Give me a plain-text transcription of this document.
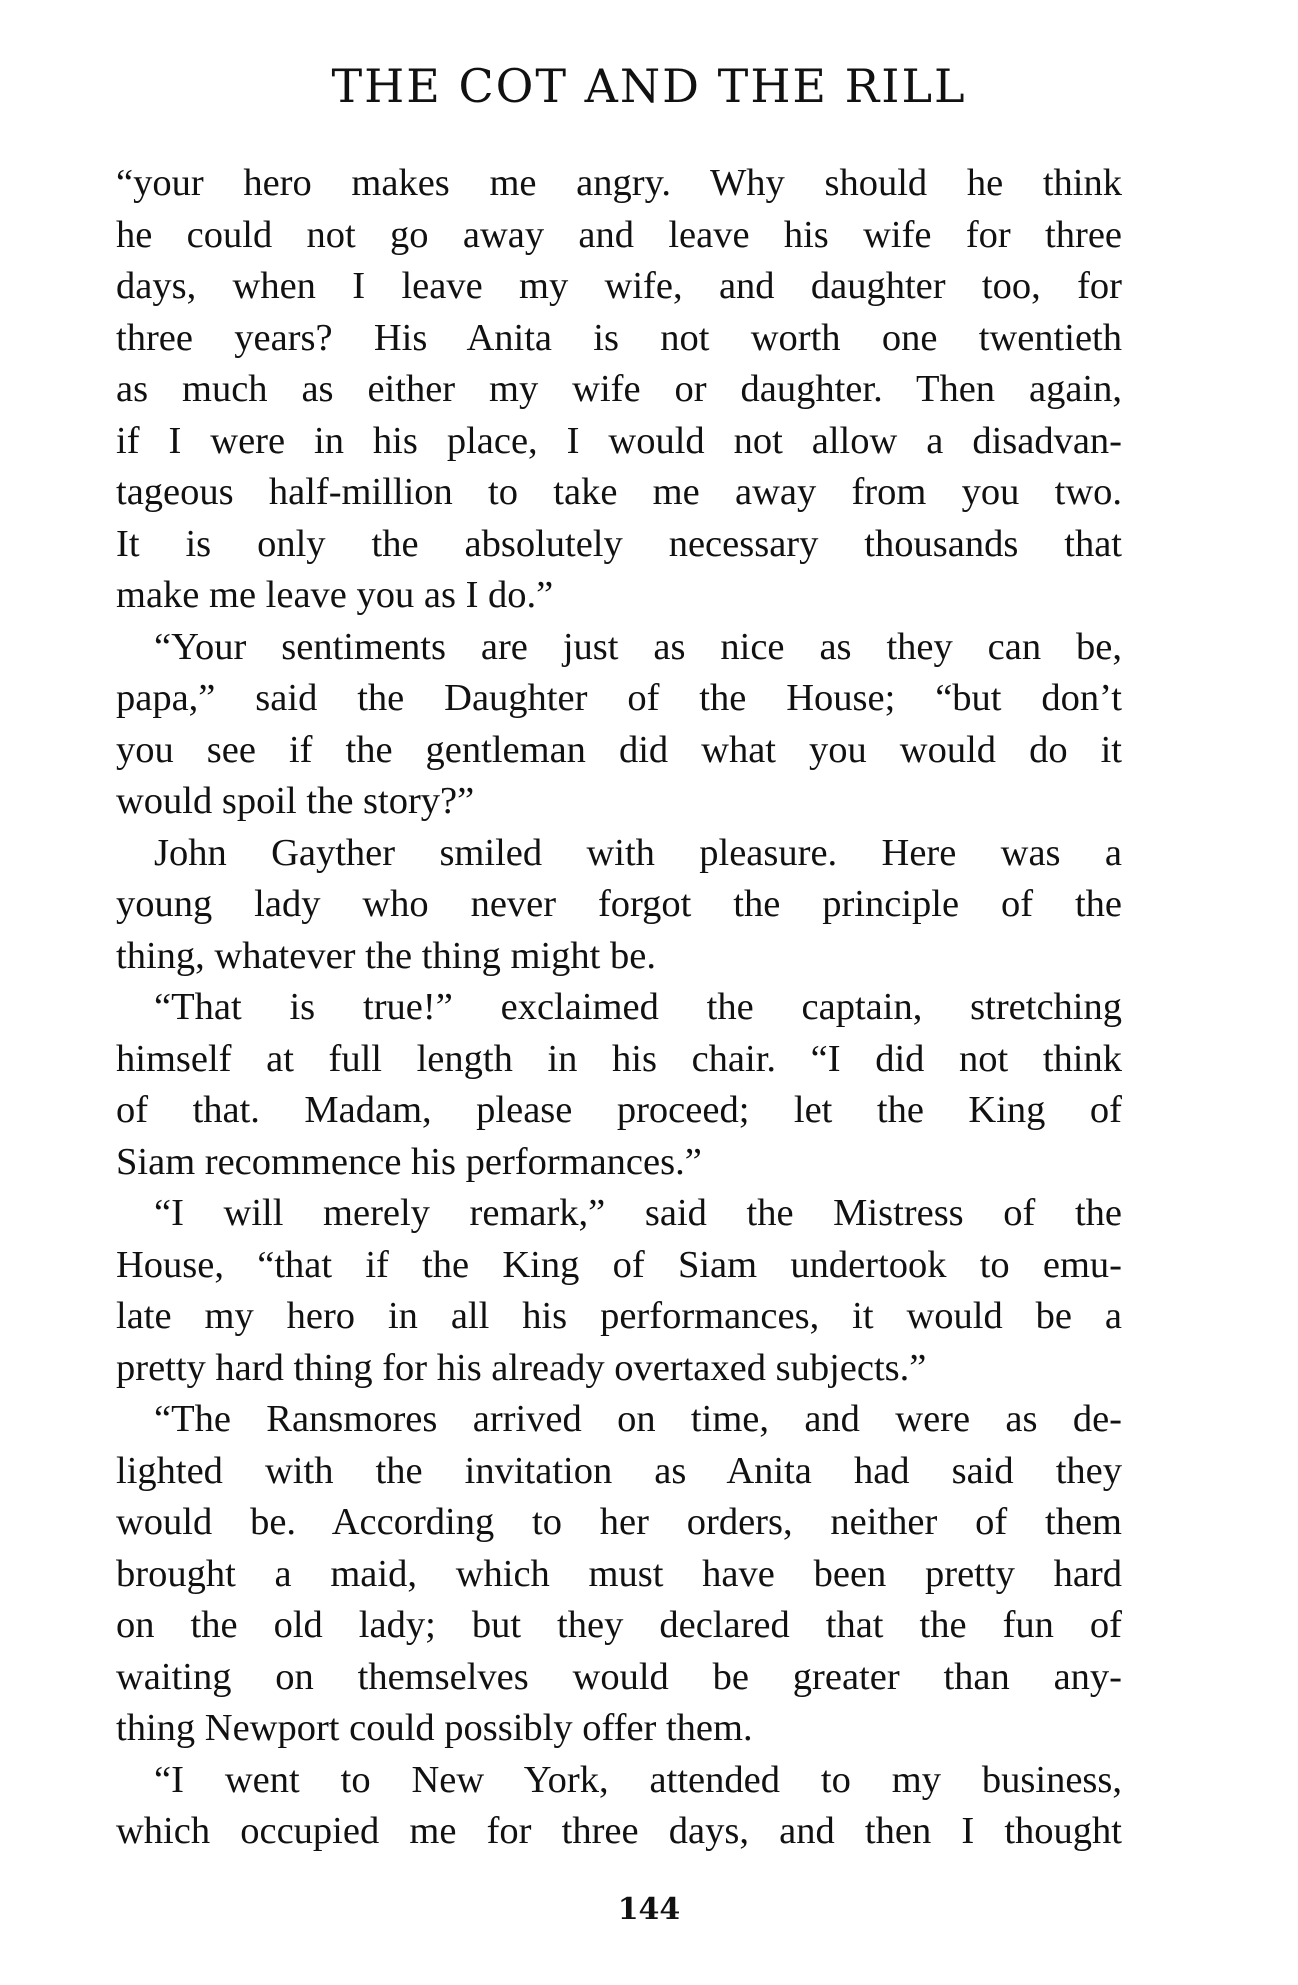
THE COT AND THE RILL

“your hero makes me angry. Why should he think
he could not go away and leave his wife for three
days, when I leave my wife, and daughter too, for
three years? His Anita is not worth one twentieth
as much as either my wife or daughter. Then again,
if I were in his place, I would not allow a disadvan-
tageous half-million to take me away from you two.
It is only the absolutely necessary thousands that
make me leave you as I do.”

“Your sentiments are just as nice as they can be,
papa,” said the Daughter of the House; “but don’t
you see if the gentleman did what you would do it
would spoil the story?”

John Gayther smiled with pleasure. Here was a
young lady who never forgot the principle of the
thing, whatever the thing might be.

“That is true!” exclaimed the captain, stretching
himself at full length in his chair. “I did not think
of that. Madam, please proceed; let the King of
Siam recommence his performances.”

“I will merely remark,” said the Mistress of the
House, “that if the King of Siam undertook to emu-
late my hero in all his performances, it would be a
pretty hard thing for his already overtaxed subjects.”

“The Ransmores arrived on time, and were as de-
lighted with the invitation as Anita had said they
would be. According to her orders, neither of them
brought a maid, which must have been pretty hard
on the old lady; but they declared that the fun of
waiting on themselves would be greater than any-
thing Newport could possibly offer them.

“I went to New York, attended to my business,
which occupied me for three days, and then I thought

144
